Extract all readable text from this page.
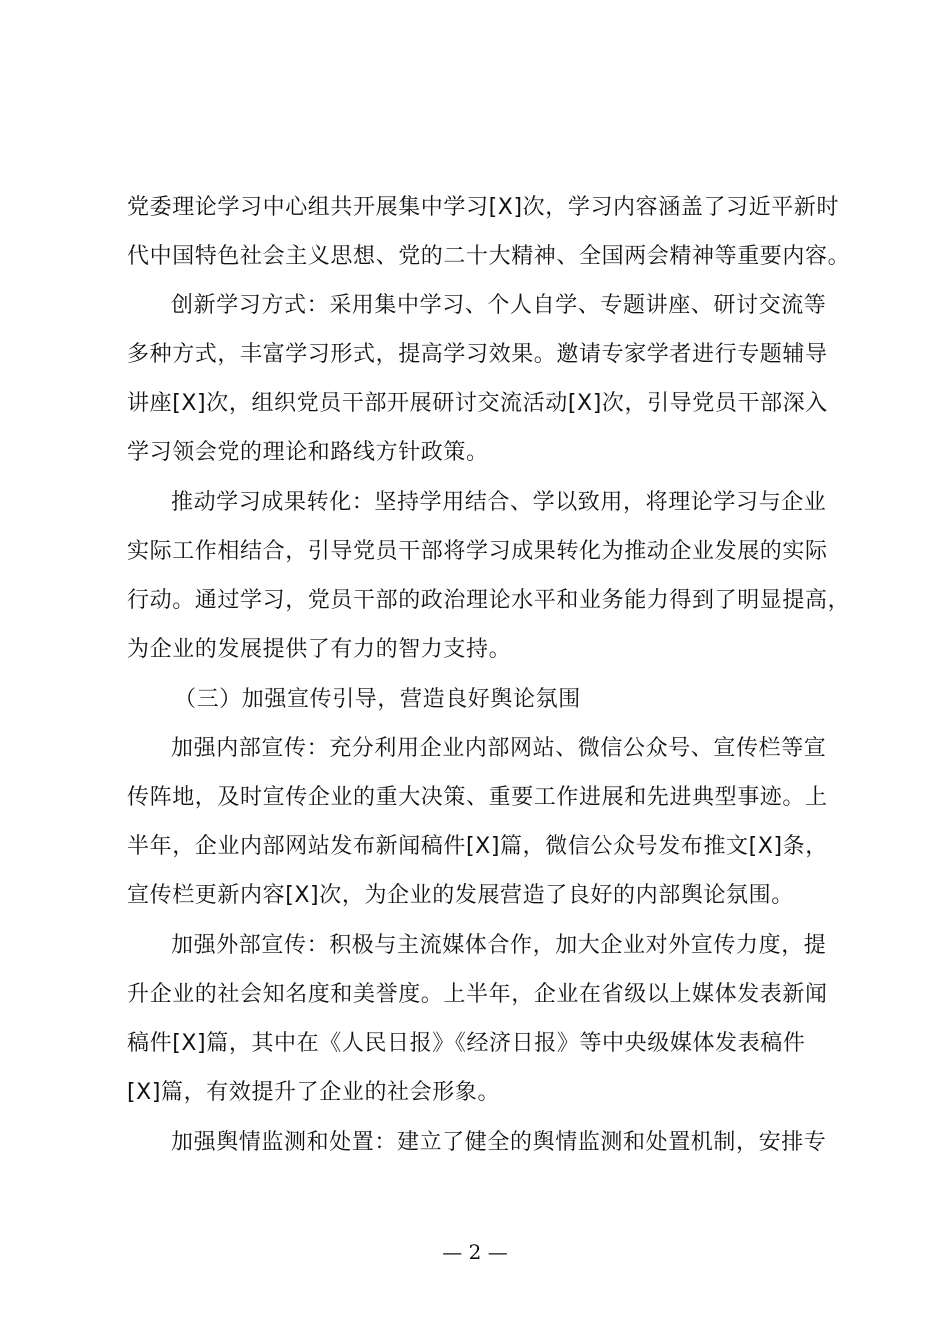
党委理论学习中心组共开展集中学习[X]次，学习内容涵盖了习近平新时
代中国特色社会主义思想、党的二十大精神、全国两会精神等重要内容。
创新学习方式：采用集中学习、个人自学、专题讲座、研讨交流等
多种方式，丰富学习形式，提高学习效果。邀请专家学者进行专题辅导
讲座[X]次，组织党员干部开展研讨交流活动[X]次，引导党员干部深入
学习领会党的理论和路线方针政策。
推动学习成果转化：坚持学用结合、学以致用，将理论学习与企业
实际工作相结合，引导党员干部将学习成果转化为推动企业发展的实际
行动。通过学习，党员干部的政治理论水平和业务能力得到了明显提高，
为企业的发展提供了有力的智力支持。
（三）加强宣传引导，营造良好舆论氛围
加强内部宣传：充分利用企业内部网站、微信公众号、宣传栏等宣
传阵地，及时宣传企业的重大决策、重要工作进展和先进典型事迹。上
半年，企业内部网站发布新闻稿件[X]篇，微信公众号发布推文[X]条，
宣传栏更新内容[X]次，为企业的发展营造了良好的内部舆论氛围。
加强外部宣传：积极与主流媒体合作，加大企业对外宣传力度，提
升企业的社会知名度和美誉度。上半年，企业在省级以上媒体发表新闻
稿件[X]篇，其中在《人民日报》《经济日报》等中央级媒体发表稿件
[X]篇，有效提升了企业的社会形象。
加强舆情监测和处置：建立了健全的舆情监测和处置机制，安排专
— 2 —
